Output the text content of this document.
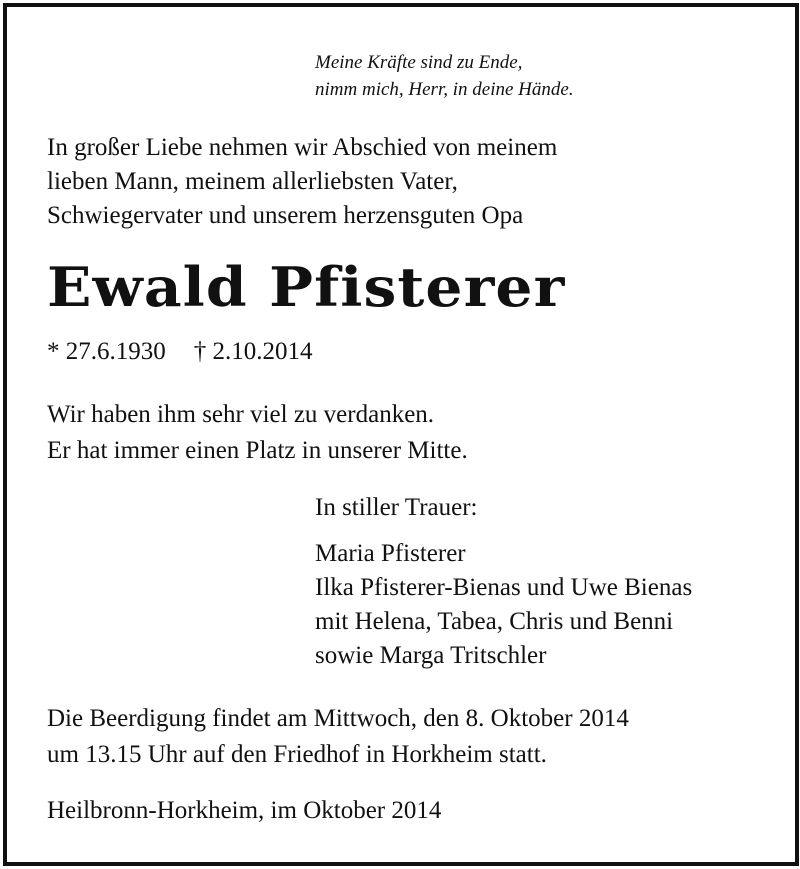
Meine Kräfte sind zu Ende,
nimm mich, Herr, in deine Hände.
In großer Liebe nehmen wir Abschied von meinem
lieben Mann, meinem allerliebsten Vater,
Schwiegervater und unserem herzensguten Opa
Ewald Pfisterer
* 27.6.1930 † 2.10.2014
Wir haben ihm sehr viel zu verdanken.
Er hat immer einen Platz in unserer Mitte.
In stiller Trauer:
Maria Pfisterer
Ilka Pfisterer-Bienas und Uwe Bienas
mit Helena, Tabea, Chris und Benni
sowie Marga Tritschler
Die Beerdigung findet am Mittwoch, den 8. Oktober 2014
um 13.15 Uhr auf den Friedhof in Horkheim statt.
Heilbronn-Horkheim, im Oktober 2014
